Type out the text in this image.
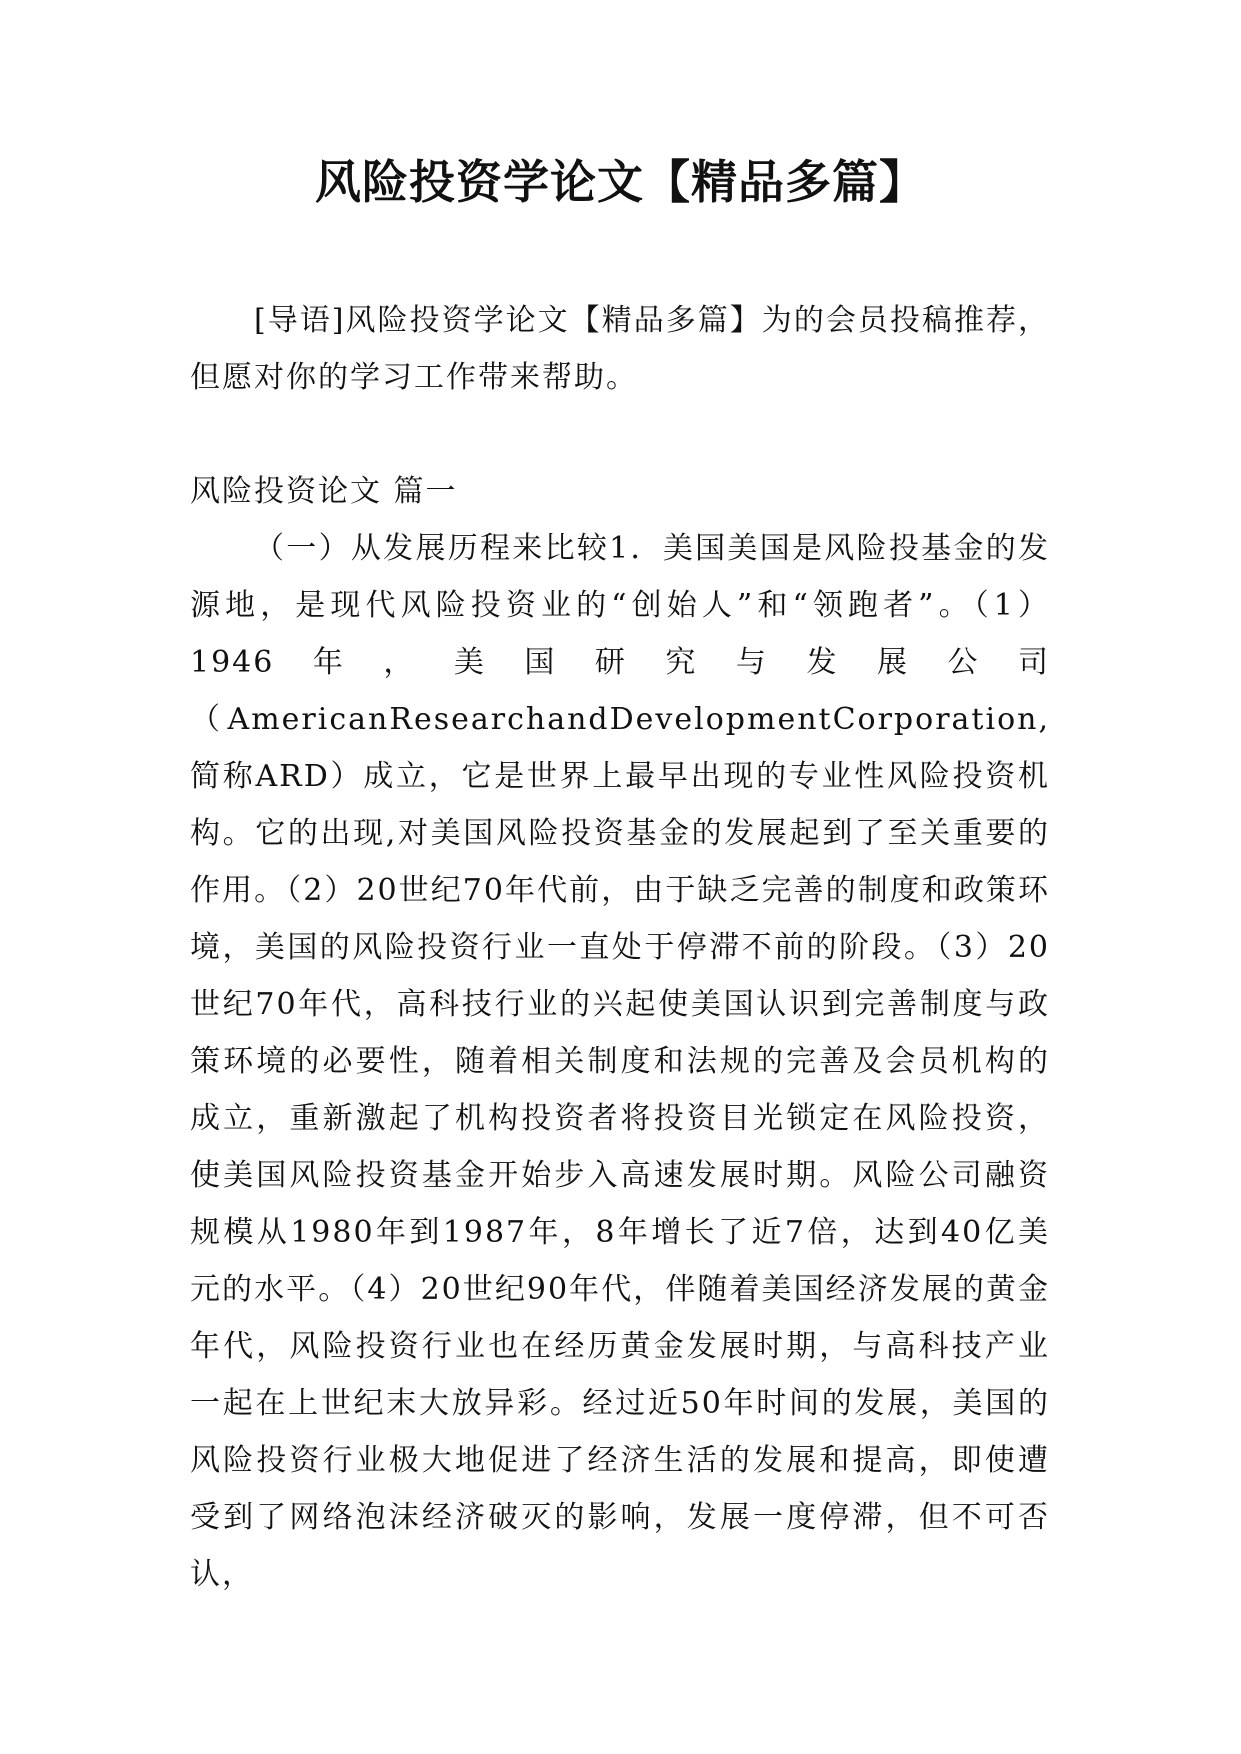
风险投资学论文【精品多篇】

[导语]风险投资学论文【精品多篇】为的会员投稿推荐，但愿对你的学习工作带来帮助。

风险投资论文 篇一

（一）从发展历程来比较1．美国美国是风险投基金的发源地，是现代风险投资业的“创始人”和“领跑者”。（1）1946年，美国研究与发展公司（AmericanResearchandDevelopmentCorporation,简称ARD）成立，它是世界上最早出现的专业性风险投资机构。它的出现,对美国风险投资基金的发展起到了至关重要的作用。（2）20世纪70年代前，由于缺乏完善的制度和政策环境，美国的风险投资行业一直处于停滞不前的阶段。（3）20世纪70年代，高科技行业的兴起使美国认识到完善制度与政策环境的必要性，随着相关制度和法规的完善及会员机构的成立，重新激起了机构投资者将投资目光锁定在风险投资，使美国风险投资基金开始步入高速发展时期。风险公司融资规模从1980年到1987年，8年增长了近7倍，达到40亿美元的水平。（4）20世纪90年代，伴随着美国经济发展的黄金年代，风险投资行业也在经历黄金发展时期，与高科技产业一起在上世纪末大放异彩。经过近50年时间的发展，美国的风险投资行业极大地促进了经济生活的发展和提高，即使遭受到了网络泡沫经济破灭的影响，发展一度停滞，但不可否认，
